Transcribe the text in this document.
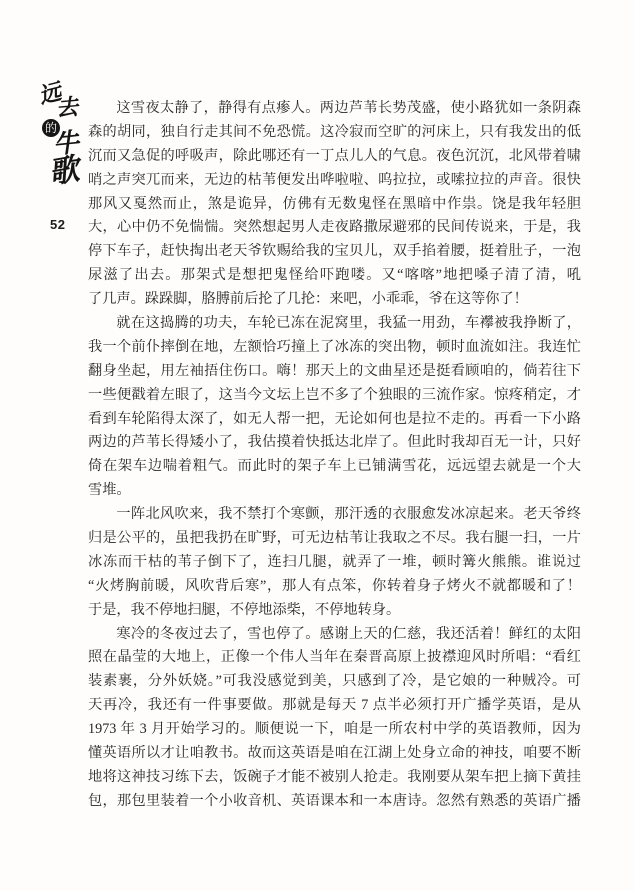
远
去
的
牛
歌
52

这雪夜太静了，静得有点瘆人。两边芦苇长势茂盛，使小路犹如一条阴森
森的胡同，独自行走其间不免恐慌。这冷寂而空旷的河床上，只有我发出的低
沉而又急促的呼吸声，除此哪还有一丁点儿人的气息。夜色沉沉，北风带着啸
哨之声突兀而来，无边的枯苇便发出哗啦啦、呜拉拉，或嗦拉拉的声音。很快
那风又戛然而止，煞是诡异，仿佛有无数鬼怪在黑暗中作祟。饶是我年轻胆
大，心中仍不免惴惴。突然想起男人走夜路撒尿避邪的民间传说来，于是，我
停下车子，赶快掏出老天爷钦赐给我的宝贝儿，双手掐着腰，挺着肚子，一泡
尿滋了出去。那架式是想把鬼怪给吓跑喽。又“喀喀”地把嗓子清了清，吼
了几声。跺跺脚，胳膊前后抡了几抡：来吧，小乖乖，爷在这等你了！

就在这捣腾的功夫，车轮已冻在泥窝里，我猛一用劲，车襻被我挣断了，
我一个前仆摔倒在地，左额恰巧撞上了冰冻的突出物，顿时血流如注。我连忙
翻身坐起，用左袖捂住伤口。嗨！那天上的文曲星还是挺看顾咱的，倘若往下
一些便戳着左眼了，这当今文坛上岂不多了个独眼的三流作家。惊疼稍定，才
看到车轮陷得太深了，如无人帮一把，无论如何也是拉不走的。再看一下小路
两边的芦苇长得矮小了，我估摸着快抵达北岸了。但此时我却百无一计，只好
倚在架车边喘着粗气。而此时的架子车上已铺满雪花，远远望去就是一个大
雪堆。

一阵北风吹来，我不禁打个寒颤，那汗透的衣服愈发冰凉起来。老天爷终
归是公平的，虽把我扔在旷野，可无边枯苇让我取之不尽。我右腿一扫，一片
冰冻而干枯的苇子倒下了，连扫几腿，就弄了一堆，顿时篝火熊熊。谁说过
“火烤胸前暖，风吹背后寒”，那人有点笨，你转着身子烤火不就都暖和了！
于是，我不停地扫腿，不停地添柴，不停地转身。

寒冷的冬夜过去了，雪也停了。感谢上天的仁慈，我还活着！鲜红的太阳
照在晶莹的大地上，正像一个伟人当年在秦晋高原上披襟迎风时所唱：“看红
装素裹，分外妖娆。”可我没感觉到美，只感到了冷，是它娘的一种贼冷。可
天再冷，我还有一件事要做。那就是每天 7 点半必须打开广播学英语，是从
1973 年 3 月开始学习的。顺便说一下，咱是一所农村中学的英语教师，因为
懂英语所以才让咱教书。故而这英语是咱在江湖上处身立命的神技，咱要不断
地将这神技习练下去，饭碗子才能不被别人抢走。我刚要从架车把上摘下黄挂
包，那包里装着一个小收音机、英语课本和一本唐诗。忽然有熟悉的英语广播
